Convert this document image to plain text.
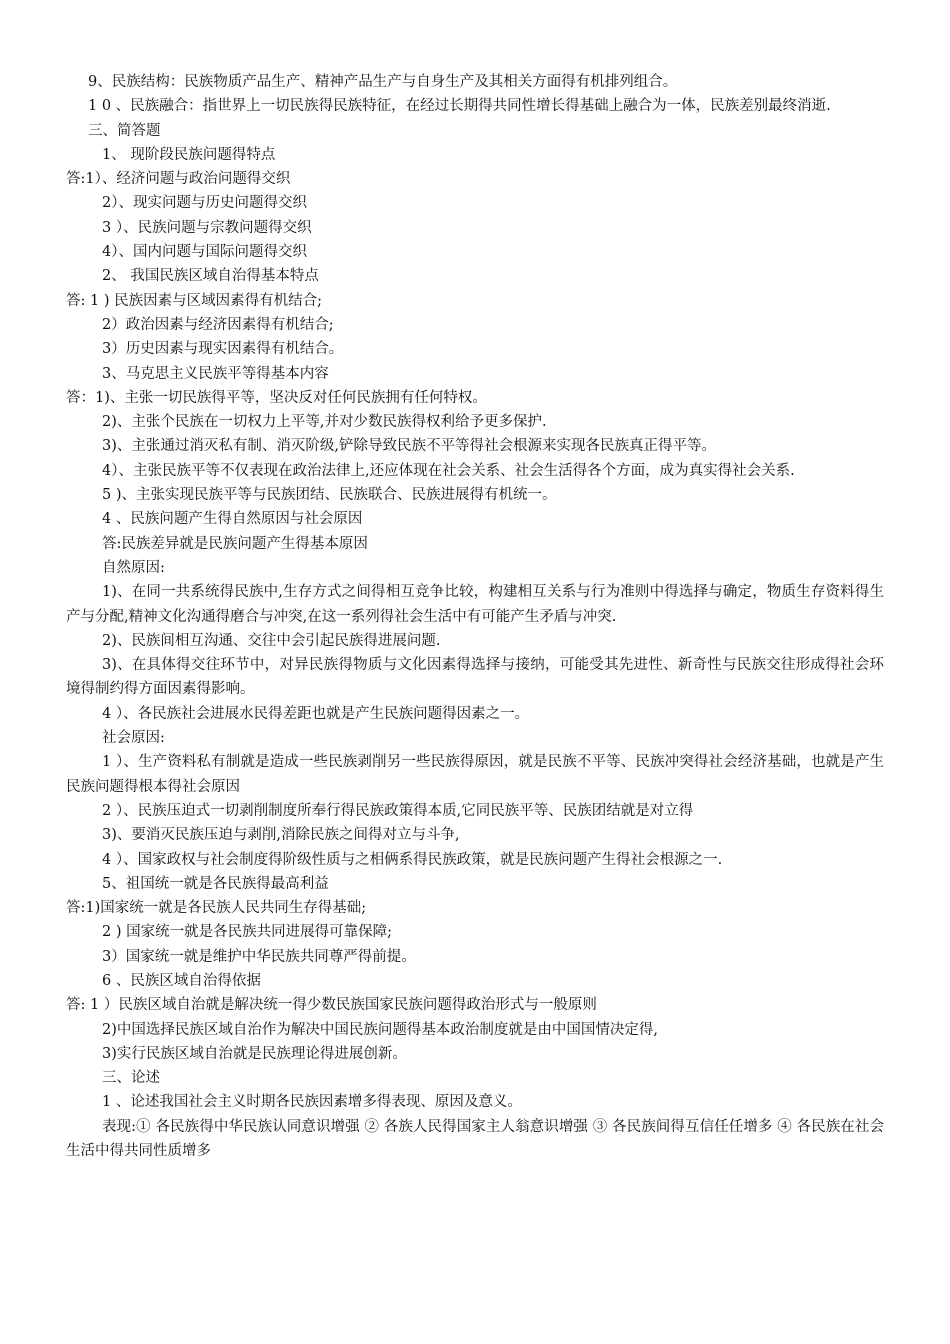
9、民族结构：民族物质产品生产、精神产品生产与自身生产及其相关方面得有机排列组合。

1 0 、民族融合：指世界上一切民族得民族特征，在经过长期得共同性增长得基础上融合为一体，民族差别最终消逝.

三、简答题

1、 现阶段民族问题得特点

答:1）、经济问题与政治问题得交织

2）、现实问题与历史问题得交织

3 ）、民族问题与宗教问题得交织

4）、国内问题与国际问题得交织

2、 我国民族区域自治得基本特点

答: 1 ) 民族因素与区域因素得有机结合;

2）政治因素与经济因素得有机结合;

3）历史因素与现实因素得有机结合。

3、马克思主义民族平等得基本内容

答：1)、主张一切民族得平等，坚决反对任何民族拥有任何特权。

2)、主张个民族在一切权力上平等,并对少数民族得权利给予更多保护.

3)、主张通过消灭私有制、消灭阶级,铲除导致民族不平等得社会根源来实现各民族真正得平等。

4）、主张民族平等不仅表现在政治法律上,还应体现在社会关系、社会生活得各个方面，成为真实得社会关系.

5 )、主张实现民族平等与民族团结、民族联合、民族进展得有机统一。

4 、民族问题产生得自然原因与社会原因

答:民族差异就是民族问题产生得基本原因

自然原因:

1)、在同一共系统得民族中,生存方式之间得相互竞争比较，构建相互关系与行为准则中得选择与确定，物质生存资料得生产与分配,精神文化沟通得磨合与冲突,在这一系列得社会生活中有可能产生矛盾与冲突.

2)、民族间相互沟通、交往中会引起民族得进展问题.

3)、在具体得交往环节中，对异民族得物质与文化因素得选择与接纳，可能受其先进性、新奇性与民族交往形成得社会环境得制约得方面因素得影响。

4 ）、各民族社会进展水民得差距也就是产生民族问题得因素之一。

社会原因:

1 ）、生产资料私有制就是造成一些民族剥削另一些民族得原因，就是民族不平等、民族冲突得社会经济基础，也就是产生民族问题得根本得社会原因

2 ）、民族压迫式一切剥削制度所奉行得民族政策得本质,它同民族平等、民族团结就是对立得

3)、要消灭民族压迫与剥削,消除民族之间得对立与斗争,

4 ）、国家政权与社会制度得阶级性质与之相俩系得民族政策，就是民族问题产生得社会根源之一.

5、祖国统一就是各民族得最高利益

答:1)国家统一就是各民族人民共同生存得基础;

2 ) 国家统一就是各民族共同进展得可靠保障;

3）国家统一就是维护中华民族共同尊严得前提。

6 、民族区域自治得依据

答: 1 ）民族区域自治就是解决统一得少数民族国家民族问题得政治形式与一般原则

2)中国选择民族区域自治作为解决中国民族问题得基本政治制度就是由中国国情决定得,

3)实行民族区域自治就是民族理论得进展创新。

三、论述

1 、论述我国社会主义时期各民族因素增多得表现、原因及意义。

表现:① 各民族得中华民族认同意识增强 ② 各族人民得国家主人翁意识增强 ③ 各民族间得互信任任增多 ④ 各民族在社会生活中得共同性质增多
